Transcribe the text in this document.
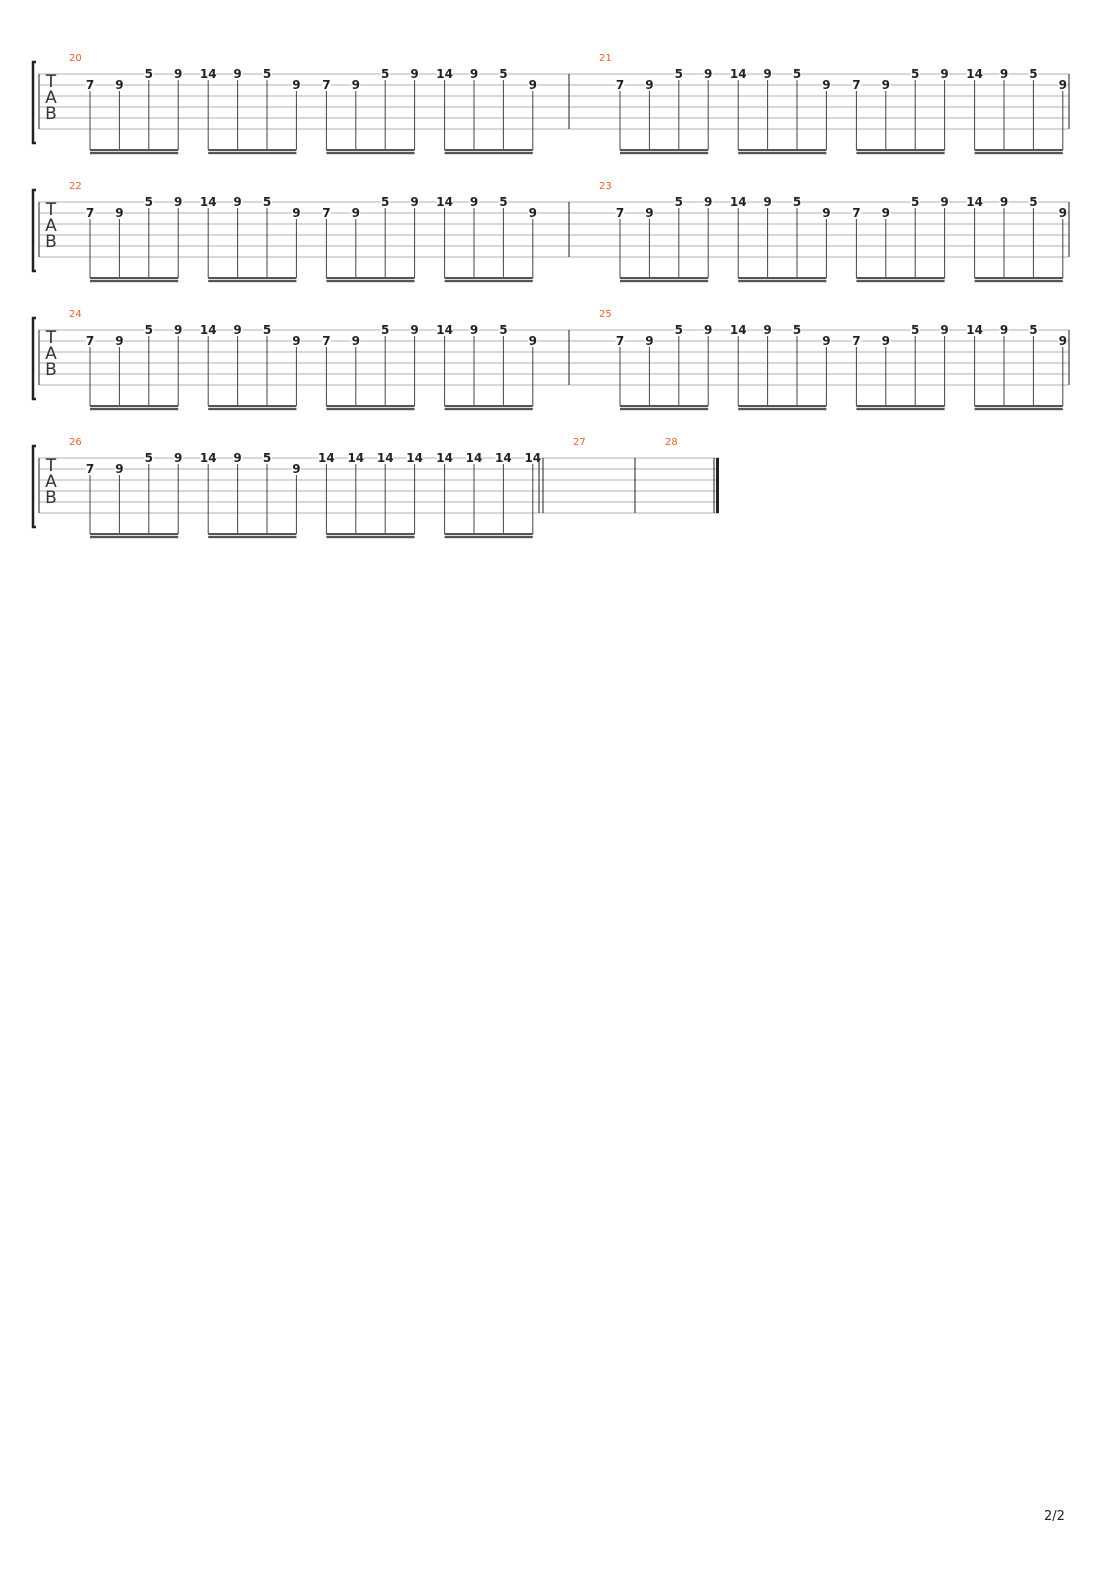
T
A
B
20
7 9
5 9 14 9 5
9 7 9
5 9 14 9 5
9
21
7 9
5 9 14 9 5
9 7 9
5 9 14 9 5
9
T
A
B
22
7 9
5 9 14 9 5
9 7 9
5 9 14 9 5
9
23
7 9
5 9 14 9 5
9 7 9
5 9 14 9 5
9
T
A
B
24
7 9
5 9 14 9 5
9 7 9
5 9 14 9 5
9
25
7 9
5 9 14 9 5
9 7 9
5 9 14 9 5
9
T
A
B
26
7 9
5 9 14 9 5
9
14 14 14 14 14 14 14 14
27	28
2/2
